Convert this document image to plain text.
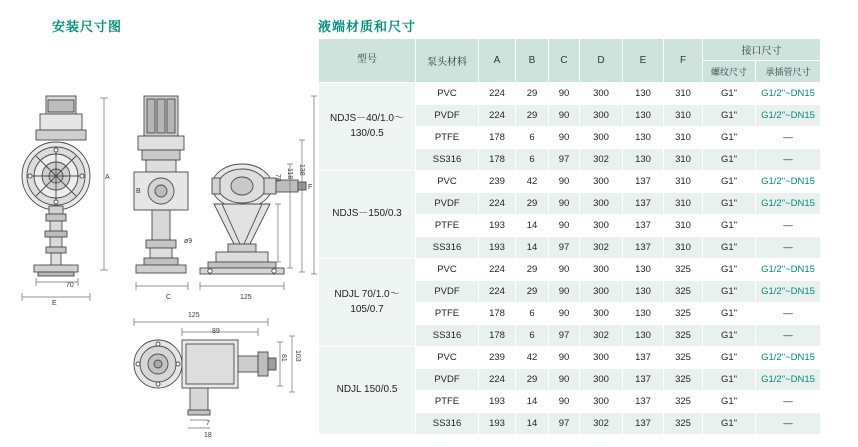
安装尺寸图	液端材质和尺寸
A
70
E
C	125
78 118 138
F
ø9
B
125
89
81 103
7
18
型号	泵头材料	A	B	C	D	E	F	接口尺寸	
								螺纹尺寸	承插管尺寸
NDJS－40/1.0～130/0.5	PVC	224	29	90	300	130	310	G1"	G1/2"~DN15
	PVDF	224	29	90	300	130	310	G1"	G1/2"~DN15
	PTFE	178	6	90	300	130	310	G1"	—
	SS316	178	6	97	302	130	310	G1"	—
NDJS－150/0.3	PVC	239	42	90	300	137	310	G1"	G1/2"~DN15
	PVDF	224	29	90	300	137	310	G1"	G1/2"~DN15
	PTFE	193	14	90	300	137	310	G1"	—
	SS316	193	14	97	302	137	310	G1"	—
NDJL 70/1.0～105/0.7	PVC	224	29	90	300	130	325	G1"	G1/2"~DN15
	PVDF	224	29	90	300	130	325	G1"	G1/2"~DN15
	PTFE	178	6	90	300	130	325	G1"	—
	SS316	178	6	97	302	130	325	G1"	—
NDJL 150/0.5	PVC	239	42	90	300	137	325	G1"	G1/2"~DN15
	PVDF	224	29	90	300	137	325	G1"	G1/2"~DN15
	PTFE	193	14	90	300	137	325	G1"	—
	SS316	193	14	97	302	137	325	G1"	—
